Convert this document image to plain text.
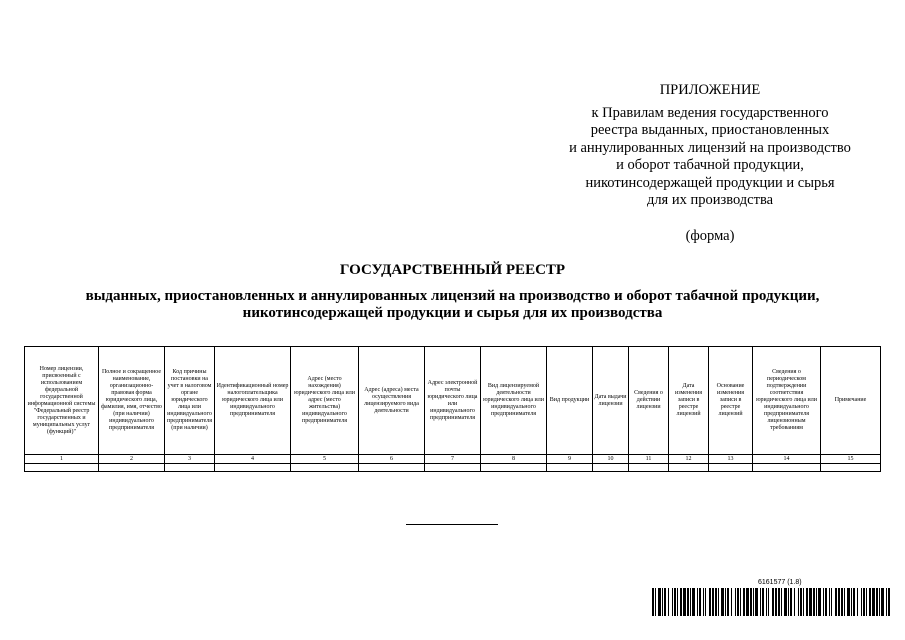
ПРИЛОЖЕНИЕ
к Правилам ведения государственного
реестра выданных, приостановленных
и аннулированных лицензий на производство
и оборот табачной продукции,
никотинсодержащей продукции и сырья
для их производства
(форма)
ГОСУДАРСТВЕННЫЙ РЕЕСТР
выданных, приостановленных и аннулированных лицензий на производство и оборот табачной продукции,
никотинсодержащей продукции и сырья для их производства
Номер лицензии, присвоенный с использованием федеральной государственной информационной системы "Федеральный реестр государственных и муниципальных услуг (функций)"	Полное и сокращенное наименование, организационно-правовая форма юридического лица, фамилия, имя, отчество (при наличии) индивидуального предпринимателя	Код причины постановки на учет в налоговом органе юридического лица или индивидуального предпринимателя (при наличии)	Идентификационный номер налогоплательщика юридического лица или индивидуального предпринимателя	Адрес (место нахождения) юридического лица или адрес (место жительства) индивидуального предпринимателя	Адрес (адреса) места осуществления лицензируемого вида деятельности	Адрес электронной почты юридического лица или индивидуального предпринимателя	Вид лицензируемой деятельности юридического лица или индивидуального предпринимателя	Вид продукции	Дата выдачи лицензии	Сведения о действии лицензии	Дата изменения записи в реестре лицензий	Основание изменения записи в реестре лицензий	Сведения о периодическом подтверждении соответствия юридического лица или индивидуального предпринимателя лицензионным требованиям	Примечание
1	2	3	4	5	6	7	8	9	10	11	12	13	14	15

6161577 (1.8)
